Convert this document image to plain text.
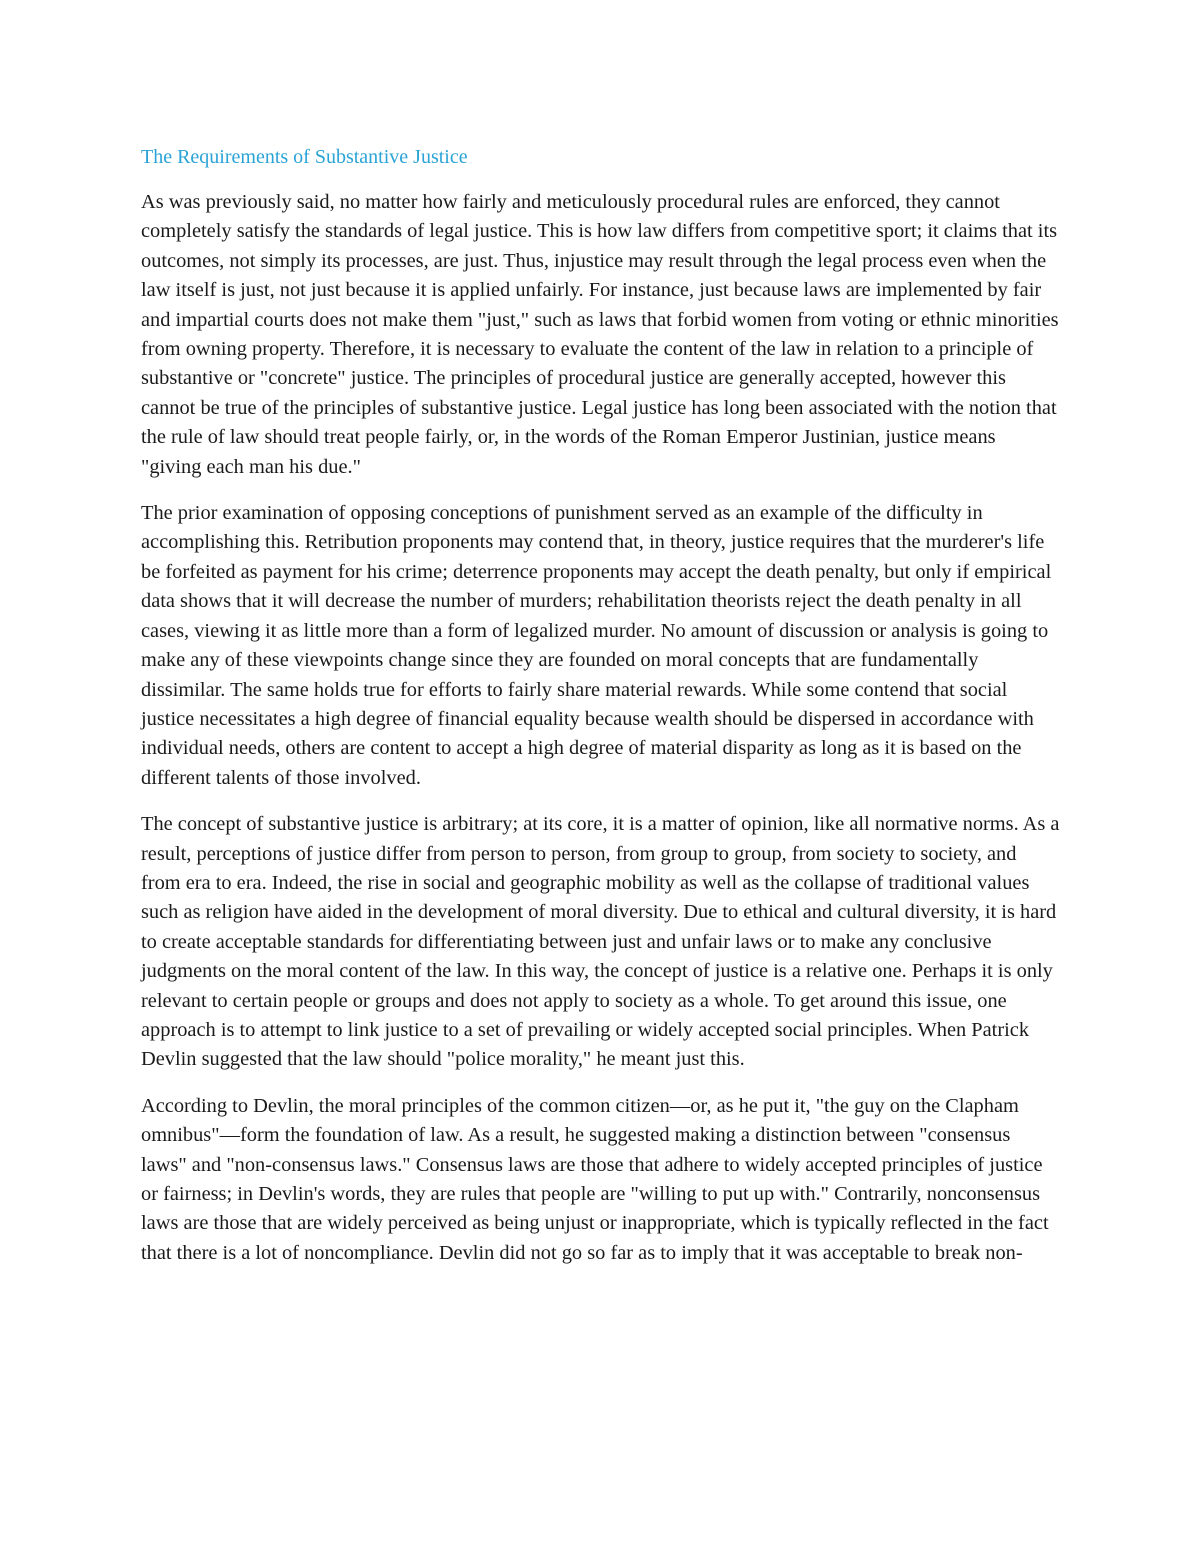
The Requirements of Substantive Justice

As was previously said, no matter how fairly and meticulously procedural rules are enforced, they cannot completely satisfy the standards of legal justice. This is how law differs from competitive sport; it claims that its outcomes, not simply its processes, are just. Thus, injustice may result through the legal process even when the law itself is just, not just because it is applied unfairly. For instance, just because laws are implemented by fair and impartial courts does not make them "just," such as laws that forbid women from voting or ethnic minorities from owning property. Therefore, it is necessary to evaluate the content of the law in relation to a principle of substantive or "concrete" justice. The principles of procedural justice are generally accepted, however this cannot be true of the principles of substantive justice. Legal justice has long been associated with the notion that the rule of law should treat people fairly, or, in the words of the Roman Emperor Justinian, justice means "giving each man his due."

The prior examination of opposing conceptions of punishment served as an example of the difficulty in accomplishing this. Retribution proponents may contend that, in theory, justice requires that the murderer's life be forfeited as payment for his crime; deterrence proponents may accept the death penalty, but only if empirical data shows that it will decrease the number of murders; rehabilitation theorists reject the death penalty in all cases, viewing it as little more than a form of legalized murder. No amount of discussion or analysis is going to make any of these viewpoints change since they are founded on moral concepts that are fundamentally dissimilar. The same holds true for efforts to fairly share material rewards. While some contend that social justice necessitates a high degree of financial equality because wealth should be dispersed in accordance with individual needs, others are content to accept a high degree of material disparity as long as it is based on the different talents of those involved.

The concept of substantive justice is arbitrary; at its core, it is a matter of opinion, like all normative norms. As a result, perceptions of justice differ from person to person, from group to group, from society to society, and from era to era. Indeed, the rise in social and geographic mobility as well as the collapse of traditional values such as religion have aided in the development of moral diversity. Due to ethical and cultural diversity, it is hard to create acceptable standards for differentiating between just and unfair laws or to make any conclusive judgments on the moral content of the law. In this way, the concept of justice is a relative one. Perhaps it is only relevant to certain people or groups and does not apply to society as a whole. To get around this issue, one approach is to attempt to link justice to a set of prevailing or widely accepted social principles. When Patrick Devlin suggested that the law should "police morality," he meant just this.

According to Devlin, the moral principles of the common citizen—or, as he put it, "the guy on the Clapham omnibus"—form the foundation of law. As a result, he suggested making a distinction between "consensus laws" and "non-consensus laws." Consensus laws are those that adhere to widely accepted principles of justice or fairness; in Devlin's words, they are rules that people are "willing to put up with." Contrarily, nonconsensus laws are those that are widely perceived as being unjust or inappropriate, which is typically reflected in the fact that there is a lot of noncompliance. Devlin did not go so far as to imply that it was acceptable to break non-
